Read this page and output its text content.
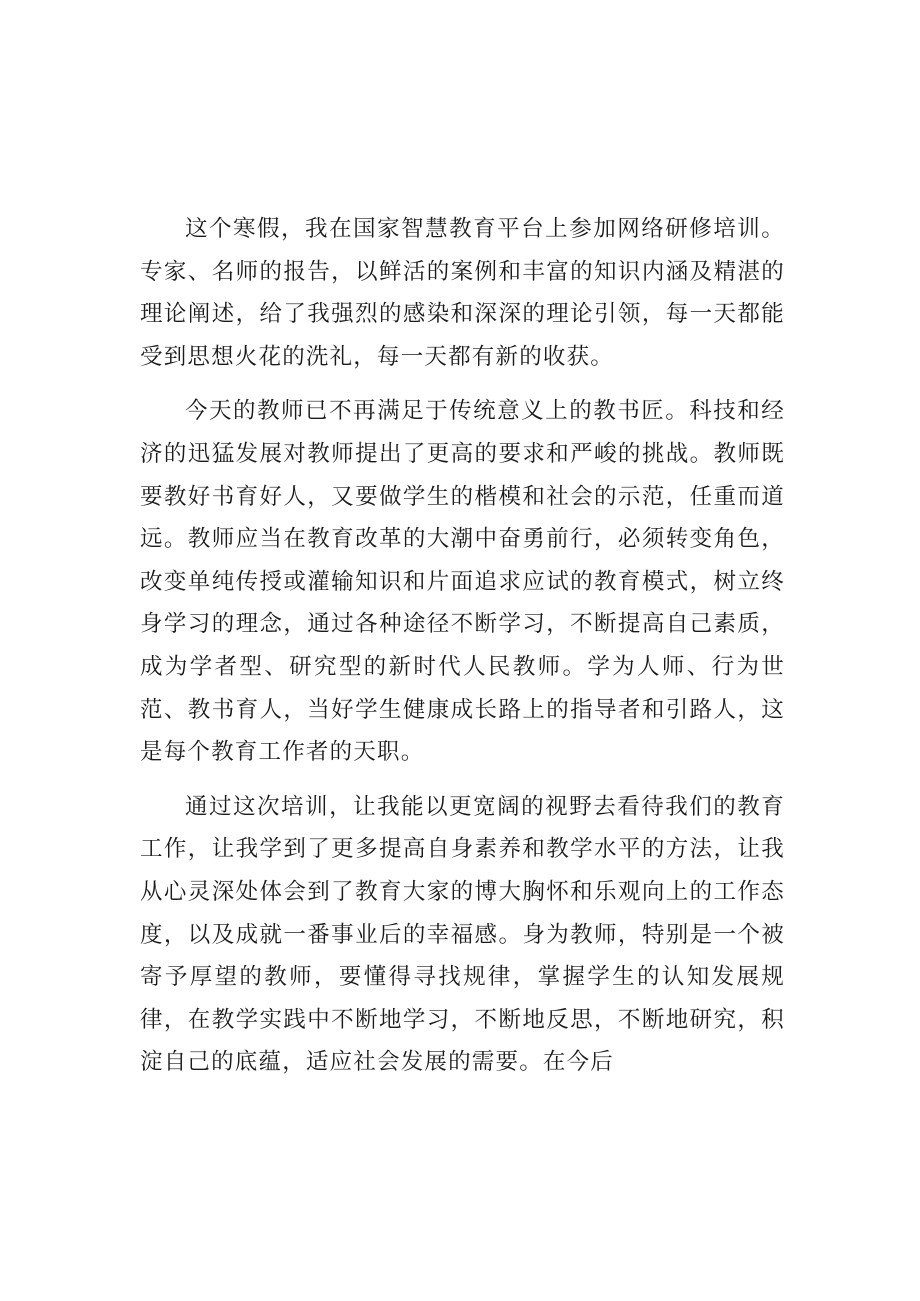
这个寒假，我在国家智慧教育平台上参加网络研修培训。专家、名师的报告，以鲜活的案例和丰富的知识内涵及精湛的理论阐述，给了我强烈的感染和深深的理论引领，每一天都能受到思想火花的洗礼，每一天都有新的收获。

今天的教师已不再满足于传统意义上的教书匠。科技和经济的迅猛发展对教师提出了更高的要求和严峻的挑战。教师既要教好书育好人，又要做学生的楷模和社会的示范，任重而道远。教师应当在教育改革的大潮中奋勇前行，必须转变角色，改变单纯传授或灌输知识和片面追求应试的教育模式，树立终身学习的理念，通过各种途径不断学习，不断提高自己素质，成为学者型、研究型的新时代人民教师。学为人师、行为世范、教书育人，当好学生健康成长路上的指导者和引路人，这是每个教育工作者的天职。

通过这次培训，让我能以更宽阔的视野去看待我们的教育工作，让我学到了更多提高自身素养和教学水平的方法，让我从心灵深处体会到了教育大家的博大胸怀和乐观向上的工作态度，以及成就一番事业后的幸福感。身为教师，特别是一个被寄予厚望的教师，要懂得寻找规律，掌握学生的认知发展规律，在教学实践中不断地学习，不断地反思，不断地研究，积淀自己的底蕴，适应社会发展的需要。在今后
